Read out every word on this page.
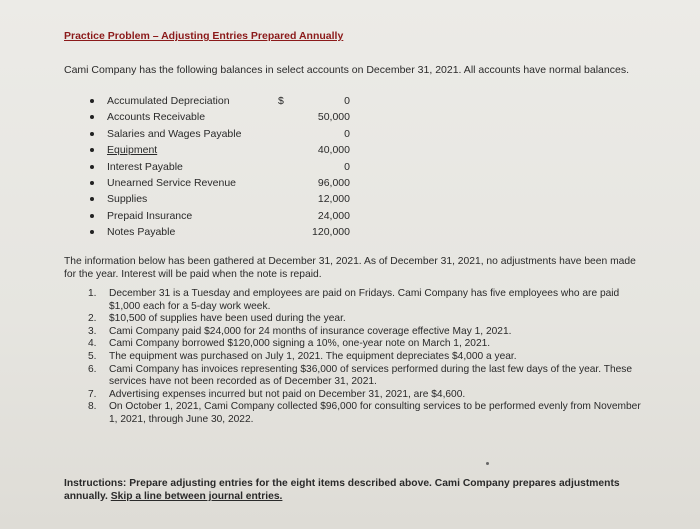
Practice Problem – Adjusting Entries Prepared Annually
Cami Company has the following balances in select accounts on December 31, 2021. All accounts have normal balances.
Accumulated Depreciation	$	0
Accounts Receivable	50,000
Salaries and Wages Payable	0
Equipment	40,000
Interest Payable	0
Unearned Service Revenue	96,000
Supplies	12,000
Prepaid Insurance	24,000
Notes Payable	120,000
The information below has been gathered at December 31, 2021. As of December 31, 2021, no adjustments have been made for the year. Interest will be paid when the note is repaid.
1. December 31 is a Tuesday and employees are paid on Fridays. Cami Company has five employees who are paid $1,000 each for a 5-day work week.
2. $10,500 of supplies have been used during the year.
3. Cami Company paid $24,000 for 24 months of insurance coverage effective May 1, 2021.
4. Cami Company borrowed $120,000 signing a 10%, one-year note on March 1, 2021.
5. The equipment was purchased on July 1, 2021. The equipment depreciates $4,000 a year.
6. Cami Company has invoices representing $36,000 of services performed during the last few days of the year. These services have not been recorded as of December 31, 2021.
7. Advertising expenses incurred but not paid on December 31, 2021, are $4,600.
8. On October 1, 2021, Cami Company collected $96,000 for consulting services to be performed evenly from November 1, 2021, through June 30, 2022.
Instructions: Prepare adjusting entries for the eight items described above. Cami Company prepares adjustments annually. Skip a line between journal entries.
